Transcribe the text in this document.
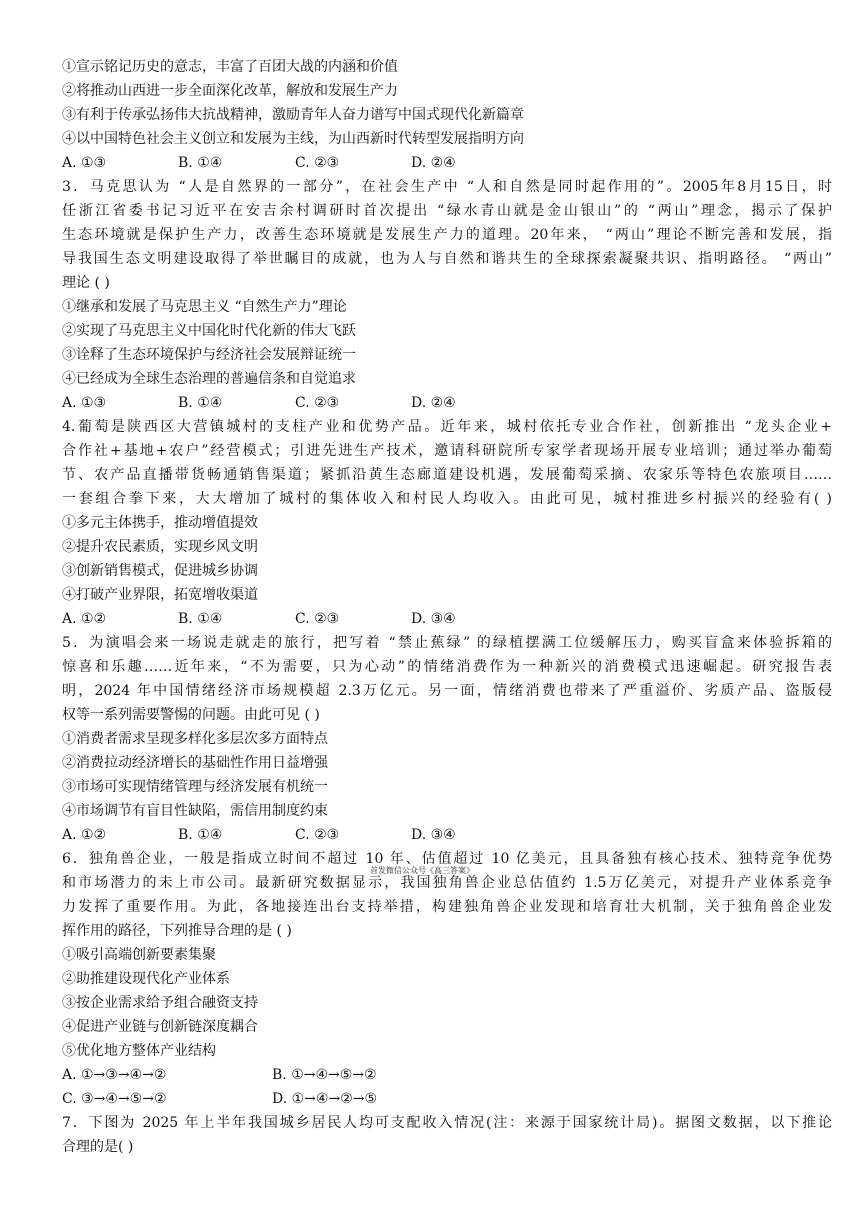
①宣示铭记历史的意志，丰富了百团大战的内涵和价值
②将推动山西进一步全面深化改革，解放和发展生产力
③有利于传承弘扬伟大抗战精神，激励青年人奋力谱写中国式现代化新篇章
④以中国特色社会主义创立和发展为主线，为山西新时代转型发展指明方向
A. ①③	B. ①④	C. ②③	D. ②④
3．马克思认为 “人是自然界的一部分”，在社会生产中 “人和自然是同时起作用的”。2005年8月15日，时
任浙江省委书记习近平在安吉余村调研时首次提出 “绿水青山就是金山银山”的 “两山”理念，揭示了保护
生态环境就是保护生产力，改善生态环境就是发展生产力的道理。20年来， “两山”理论不断完善和发展，指
导我国生态文明建设取得了举世瞩目的成就，也为人与自然和谐共生的全球探索凝聚共识、指明路径。 “两山”
理论 ( )
①继承和发展了马克思主义 “自然生产力”理论
②实现了马克思主义中国化时代化新的伟大飞跃
③诠释了生态环境保护与经济社会发展辩证统一
④已经成为全球生态治理的普遍信条和自觉追求
A. ①③	B. ①④	C. ②③	D. ②④
4.葡萄是陕西区大营镇城村的支柱产业和优势产品。近年来，城村依托专业合作社，创新推出 “龙头企业+
合作社+基地+农户”经营模式；引进先进生产技术，邀请科研院所专家学者现场开展专业培训；通过举办葡萄
节、农产品直播带货畅通销售渠道；紧抓沿黄生态廊道建设机遇，发展葡萄采摘、农家乐等特色农旅项目……
一套组合拳下来，大大增加了城村的集体收入和村民人均收入。由此可见，城村推进乡村振兴的经验有( )
①多元主体携手，推动增值提效
②提升农民素质，实现乡风文明
③创新销售模式，促进城乡协调
④打破产业界限，拓宽增收渠道
A. ①②	B. ①④	C. ②③	D. ③④
5．为演唱会来一场说走就走的旅行，把写着 “禁止蕉绿” 的绿植摆满工位缓解压力，购买盲盒来体验拆箱的
惊喜和乐趣……近年来，“不为需要，只为心动”的情绪消费作为一种新兴的消费模式迅速崛起。研究报告表
明，2024 年中国情绪经济市场规模超 2.3万亿元。另一面，情绪消费也带来了严重溢价、劣质产品、盗版侵
权等一系列需要警惕的问题。由此可见 ( )
①消费者需求呈现多样化多层次多方面特点
②消费拉动经济增长的基础性作用日益增强
③市场可实现情绪管理与经济发展有机统一
④市场调节有盲目性缺陷，需信用制度约束
A. ①②	B. ①④	C. ②③	D. ③④
6．独角兽企业，一般是指成立时间不超过 10 年、估值超过 10 亿美元，且具备独有核心技术、独特竞争优势
首发微信公众号《高三答案》
和市场潜力的未上市公司。最新研究数据显示，我国独角兽企业总估值约 1.5万亿美元，对提升产业体系竞争
力发挥了重要作用。为此，各地接连出台支持举措，构建独角兽企业发现和培育壮大机制，关于独角兽企业发
挥作用的路径，下列推导合理的是 ( )
①吸引高端创新要素集聚
②助推建设现代化产业体系
③按企业需求给予组合融资支持
④促进产业链与创新链深度耦合
⑤优化地方整体产业结构
A. ①→③→④→②	B. ①→④→⑤→②
C. ③→④→⑤→②	D. ①→④→②→⑤
7．下图为 2025 年上半年我国城乡居民人均可支配收入情况(注：来源于国家统计局)。据图文数据，以下推论
合理的是( )
